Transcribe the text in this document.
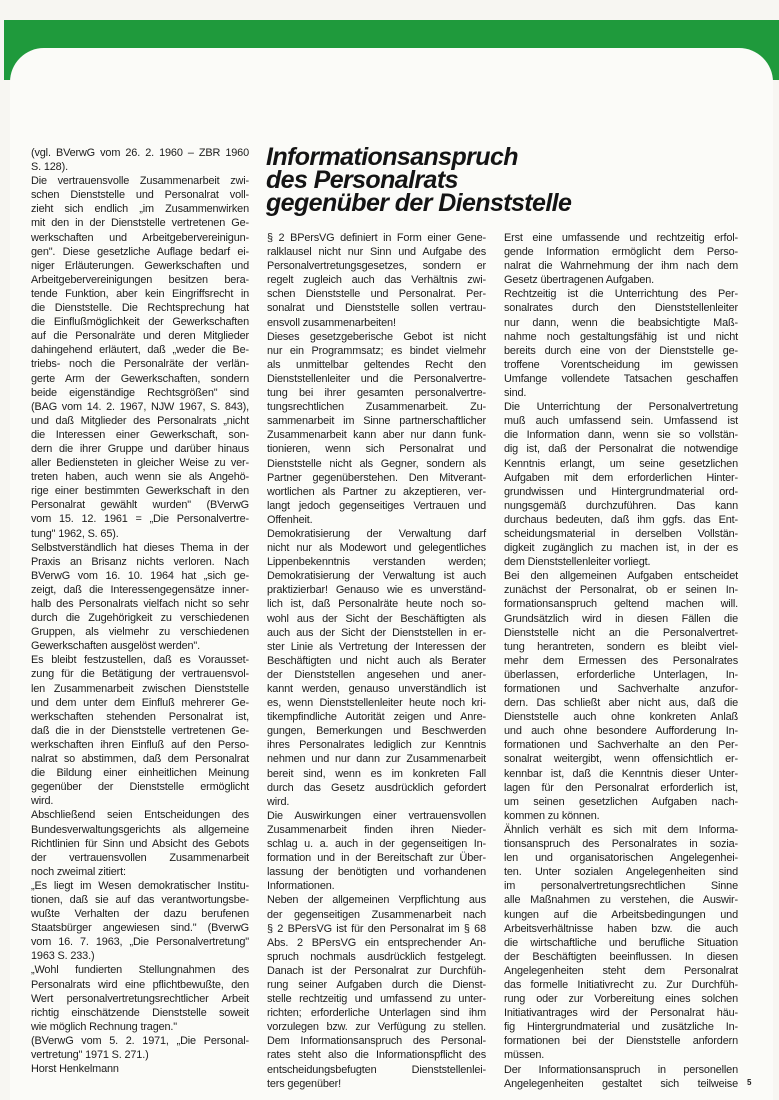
Informationsanspruch
des Personalrats
gegenüber der Dienststelle
(vgl. BVerwG vom 26. 2. 1960 – ZBR 1960
S. 128).
Die vertrauensvolle Zusammenarbeit zwi-
schen Dienststelle und Personalrat voll-
zieht sich endlich „im Zusammenwirken
mit den in der Dienststelle vertretenen Ge-
werkschaften und Arbeitgebervereinigun-
gen". Diese gesetzliche Auflage bedarf ei-
niger Erläuterungen. Gewerkschaften und
Arbeitgebervereinigungen besitzen bera-
tende Funktion, aber kein Eingriffsrecht in
die Dienststelle. Die Rechtsprechung hat
die Einflußmöglichkeit der Gewerkschaften
auf die Personalräte und deren Mitglieder
dahingehend erläutert, daß „weder die Be-
triebs- noch die Personalräte der verlän-
gerte Arm der Gewerkschaften, sondern
beide eigenständige Rechtsgrößen" sind
(BAG vom 14. 2. 1967, NJW 1967, S. 843),
und daß Mitglieder des Personalrats „nicht
die Interessen einer Gewerkschaft, son-
dern die ihrer Gruppe und darüber hinaus
aller Bediensteten in gleicher Weise zu ver-
treten haben, auch wenn sie als Angehö-
rige einer bestimmten Gewerkschaft in den
Personalrat gewählt wurden" (BVerwG
vom 15. 12. 1961 = „Die Personalvertre-
tung" 1962, S. 65).
Selbstverständlich hat dieses Thema in der
Praxis an Brisanz nichts verloren. Nach
BVerwG vom 16. 10. 1964 hat „sich ge-
zeigt, daß die Interessengegensätze inner-
halb des Personalrats vielfach nicht so sehr
durch die Zugehörigkeit zu verschiedenen
Gruppen, als vielmehr zu verschiedenen
Gewerkschaften ausgelöst werden".
Es bleibt festzustellen, daß es Vorausset-
zung für die Betätigung der vertrauensvol-
len Zusammenarbeit zwischen Dienststelle
und dem unter dem Einfluß mehrerer Ge-
werkschaften stehenden Personalrat ist,
daß die in der Dienststelle vertretenen Ge-
werkschaften ihren Einfluß auf den Perso-
nalrat so abstimmen, daß dem Personalrat
die Bildung einer einheitlichen Meinung
gegenüber der Dienststelle ermöglicht
wird.
Abschließend seien Entscheidungen des
Bundesverwaltungsgerichts als allgemeine
Richtlinien für Sinn und Absicht des Gebots
der vertrauensvollen Zusammenarbeit
noch zweimal zitiert:
„Es liegt im Wesen demokratischer Institu-
tionen, daß sie auf das verantwortungsbe-
wußte Verhalten der dazu berufenen
Staatsbürger angewiesen sind." (BverwG
vom 16. 7. 1963, „Die Personalvertretung"
1963 S. 233.)
„Wohl fundierten Stellungnahmen des
Personalrats wird eine pflichtbewußte, den
Wert personalvertretungsrechtlicher Arbeit
richtig einschätzende Dienststelle soweit
wie möglich Rechnung tragen."
(BVerwG vom 5. 2. 1971, „Die Personal-
vertretung" 1971 S. 271.)
Horst Henkelmann
§ 2 BPersVG definiert in Form einer Gene-
ralklausel nicht nur Sinn und Aufgabe des
Personalvertretungsgesetzes, sondern er
regelt zugleich auch das Verhältnis zwi-
schen Dienststelle und Personalrat. Per-
sonalrat und Dienststelle sollen vertrau-
ensvoll zusammenarbeiten!
Dieses gesetzgeberische Gebot ist nicht
nur ein Programmsatz; es bindet vielmehr
als unmittelbar geltendes Recht den
Dienststellenleiter und die Personalvertre-
tung bei ihrer gesamten personalvertre-
tungsrechtlichen Zusammenarbeit. Zu-
sammenarbeit im Sinne partnerschaftlicher
Zusammenarbeit kann aber nur dann funk-
tionieren, wenn sich Personalrat und
Dienststelle nicht als Gegner, sondern als
Partner gegenüberstehen. Den Mitverant-
wortlichen als Partner zu akzeptieren, ver-
langt jedoch gegenseitiges Vertrauen und
Offenheit.
Demokratisierung der Verwaltung darf
nicht nur als Modewort und gelegentliches
Lippenbekenntnis verstanden werden;
Demokratisierung der Verwaltung ist auch
praktizierbar! Genauso wie es unverständ-
lich ist, daß Personalräte heute noch so-
wohl aus der Sicht der Beschäftigten als
auch aus der Sicht der Dienststellen in er-
ster Linie als Vertretung der Interessen der
Beschäftigten und nicht auch als Berater
der Dienststellen angesehen und aner-
kannt werden, genauso unverständlich ist
es, wenn Dienststellenleiter heute noch kri-
tikempfindliche Autorität zeigen und Anre-
gungen, Bemerkungen und Beschwerden
ihres Personalrates lediglich zur Kenntnis
nehmen und nur dann zur Zusammenarbeit
bereit sind, wenn es im konkreten Fall
durch das Gesetz ausdrücklich gefordert
wird.
Die Auswirkungen einer vertrauensvollen
Zusammenarbeit finden ihren Nieder-
schlag u. a. auch in der gegenseitigen In-
formation und in der Bereitschaft zur Über-
lassung der benötigten und vorhandenen
Informationen.
Neben der allgemeinen Verpflichtung aus
der gegenseitigen Zusammenarbeit nach
§ 2 BPersVG ist für den Personalrat im § 68
Abs. 2 BPersVG ein entsprechender An-
spruch nochmals ausdrücklich festgelegt.
Danach ist der Personalrat zur Durchfüh-
rung seiner Aufgaben durch die Dienst-
stelle rechtzeitig und umfassend zu unter-
richten; erforderliche Unterlagen sind ihm
vorzulegen bzw. zur Verfügung zu stellen.
Dem Informationsanspruch des Personal-
rates steht also die Informationspflicht des
entscheidungsbefugten Dienststellenlei-
ters gegenüber!
Erst eine umfassende und rechtzeitig erfol-
gende Information ermöglicht dem Perso-
nalrat die Wahrnehmung der ihm nach dem
Gesetz übertragenen Aufgaben.
Rechtzeitig ist die Unterrichtung des Per-
sonalrates durch den Dienststellenleiter
nur dann, wenn die beabsichtigte Maß-
nahme noch gestaltungsfähig ist und nicht
bereits durch eine von der Dienststelle ge-
troffene Vorentscheidung im gewissen
Umfange vollendete Tatsachen geschaffen
sind.
Die Unterrichtung der Personalvertretung
muß auch umfassend sein. Umfassend ist
die Information dann, wenn sie so vollstän-
dig ist, daß der Personalrat die notwendige
Kenntnis erlangt, um seine gesetzlichen
Aufgaben mit dem erforderlichen Hinter-
grundwissen und Hintergrundmaterial ord-
nungsgemäß durchzuführen. Das kann
durchaus bedeuten, daß ihm ggfs. das Ent-
scheidungsmaterial in derselben Vollstän-
digkeit zugänglich zu machen ist, in der es
dem Dienststellenleiter vorliegt.
Bei den allgemeinen Aufgaben entscheidet
zunächst der Personalrat, ob er seinen In-
formationsanspruch geltend machen will.
Grundsätzlich wird in diesen Fällen die
Dienststelle nicht an die Personalvertret-
tung herantreten, sondern es bleibt viel-
mehr dem Ermessen des Personalrates
überlassen, erforderliche Unterlagen, In-
formationen und Sachverhalte anzufor-
dern. Das schließt aber nicht aus, daß die
Dienststelle auch ohne konkreten Anlaß
und auch ohne besondere Aufforderung In-
formationen und Sachverhalte an den Per-
sonalrat weitergibt, wenn offensichtlich er-
kennbar ist, daß die Kenntnis dieser Unter-
lagen für den Personalrat erforderlich ist,
um seinen gesetzlichen Aufgaben nach-
kommen zu können.
Ähnlich verhält es sich mit dem Informa-
tionsanspruch des Personalrates in sozia-
len und organisatorischen Angelegenhei-
ten. Unter sozialen Angelegenheiten sind
im personalvertretungsrechtlichen Sinne
alle Maßnahmen zu verstehen, die Auswir-
kungen auf die Arbeitsbedingungen und
Arbeitsverhältnisse haben bzw. die auch
die wirtschaftliche und berufliche Situation
der Beschäftigten beeinflussen. In diesen
Angelegenheiten steht dem Personalrat
das formelle Initiativrecht zu. Zur Durchfüh-
rung oder zur Vorbereitung eines solchen
Initiativantrages wird der Personalrat häu-
fig Hintergrundmaterial und zusätzliche In-
formationen bei der Dienststelle anfordern
müssen.
Der Informationsanspruch in personellen
Angelegenheiten gestaltet sich teilweise 5
